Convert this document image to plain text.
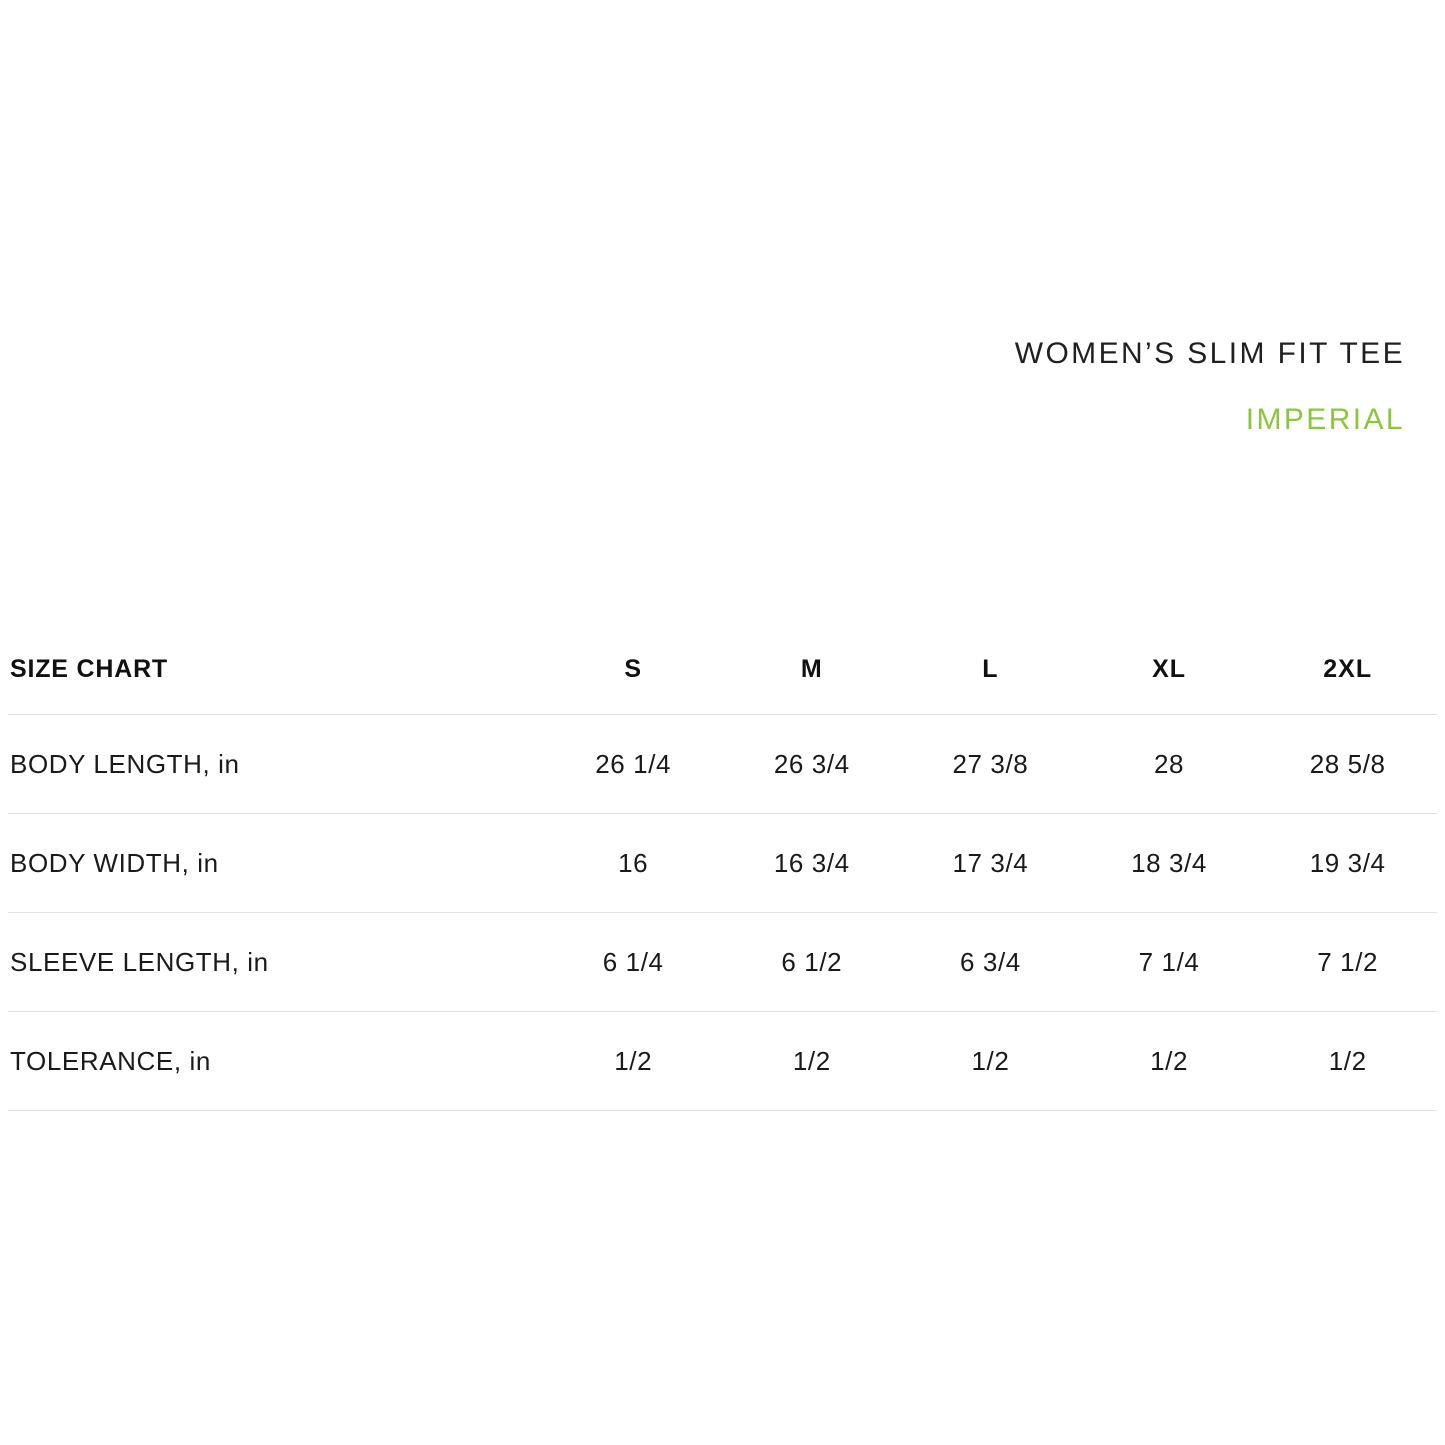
WOMEN’S SLIM FIT TEE
IMPERIAL
SIZE CHART	S	M	L	XL	2XL
BODY LENGTH, in	26 1/4	26 3/4	27 3/8	28	28 5/8
BODY WIDTH, in	16	16 3/4	17 3/4	18 3/4	19 3/4
SLEEVE LENGTH, in	6 1/4	6 1/2	6 3/4	7 1/4	7 1/2
TOLERANCE, in	1/2	1/2	1/2	1/2	1/2
